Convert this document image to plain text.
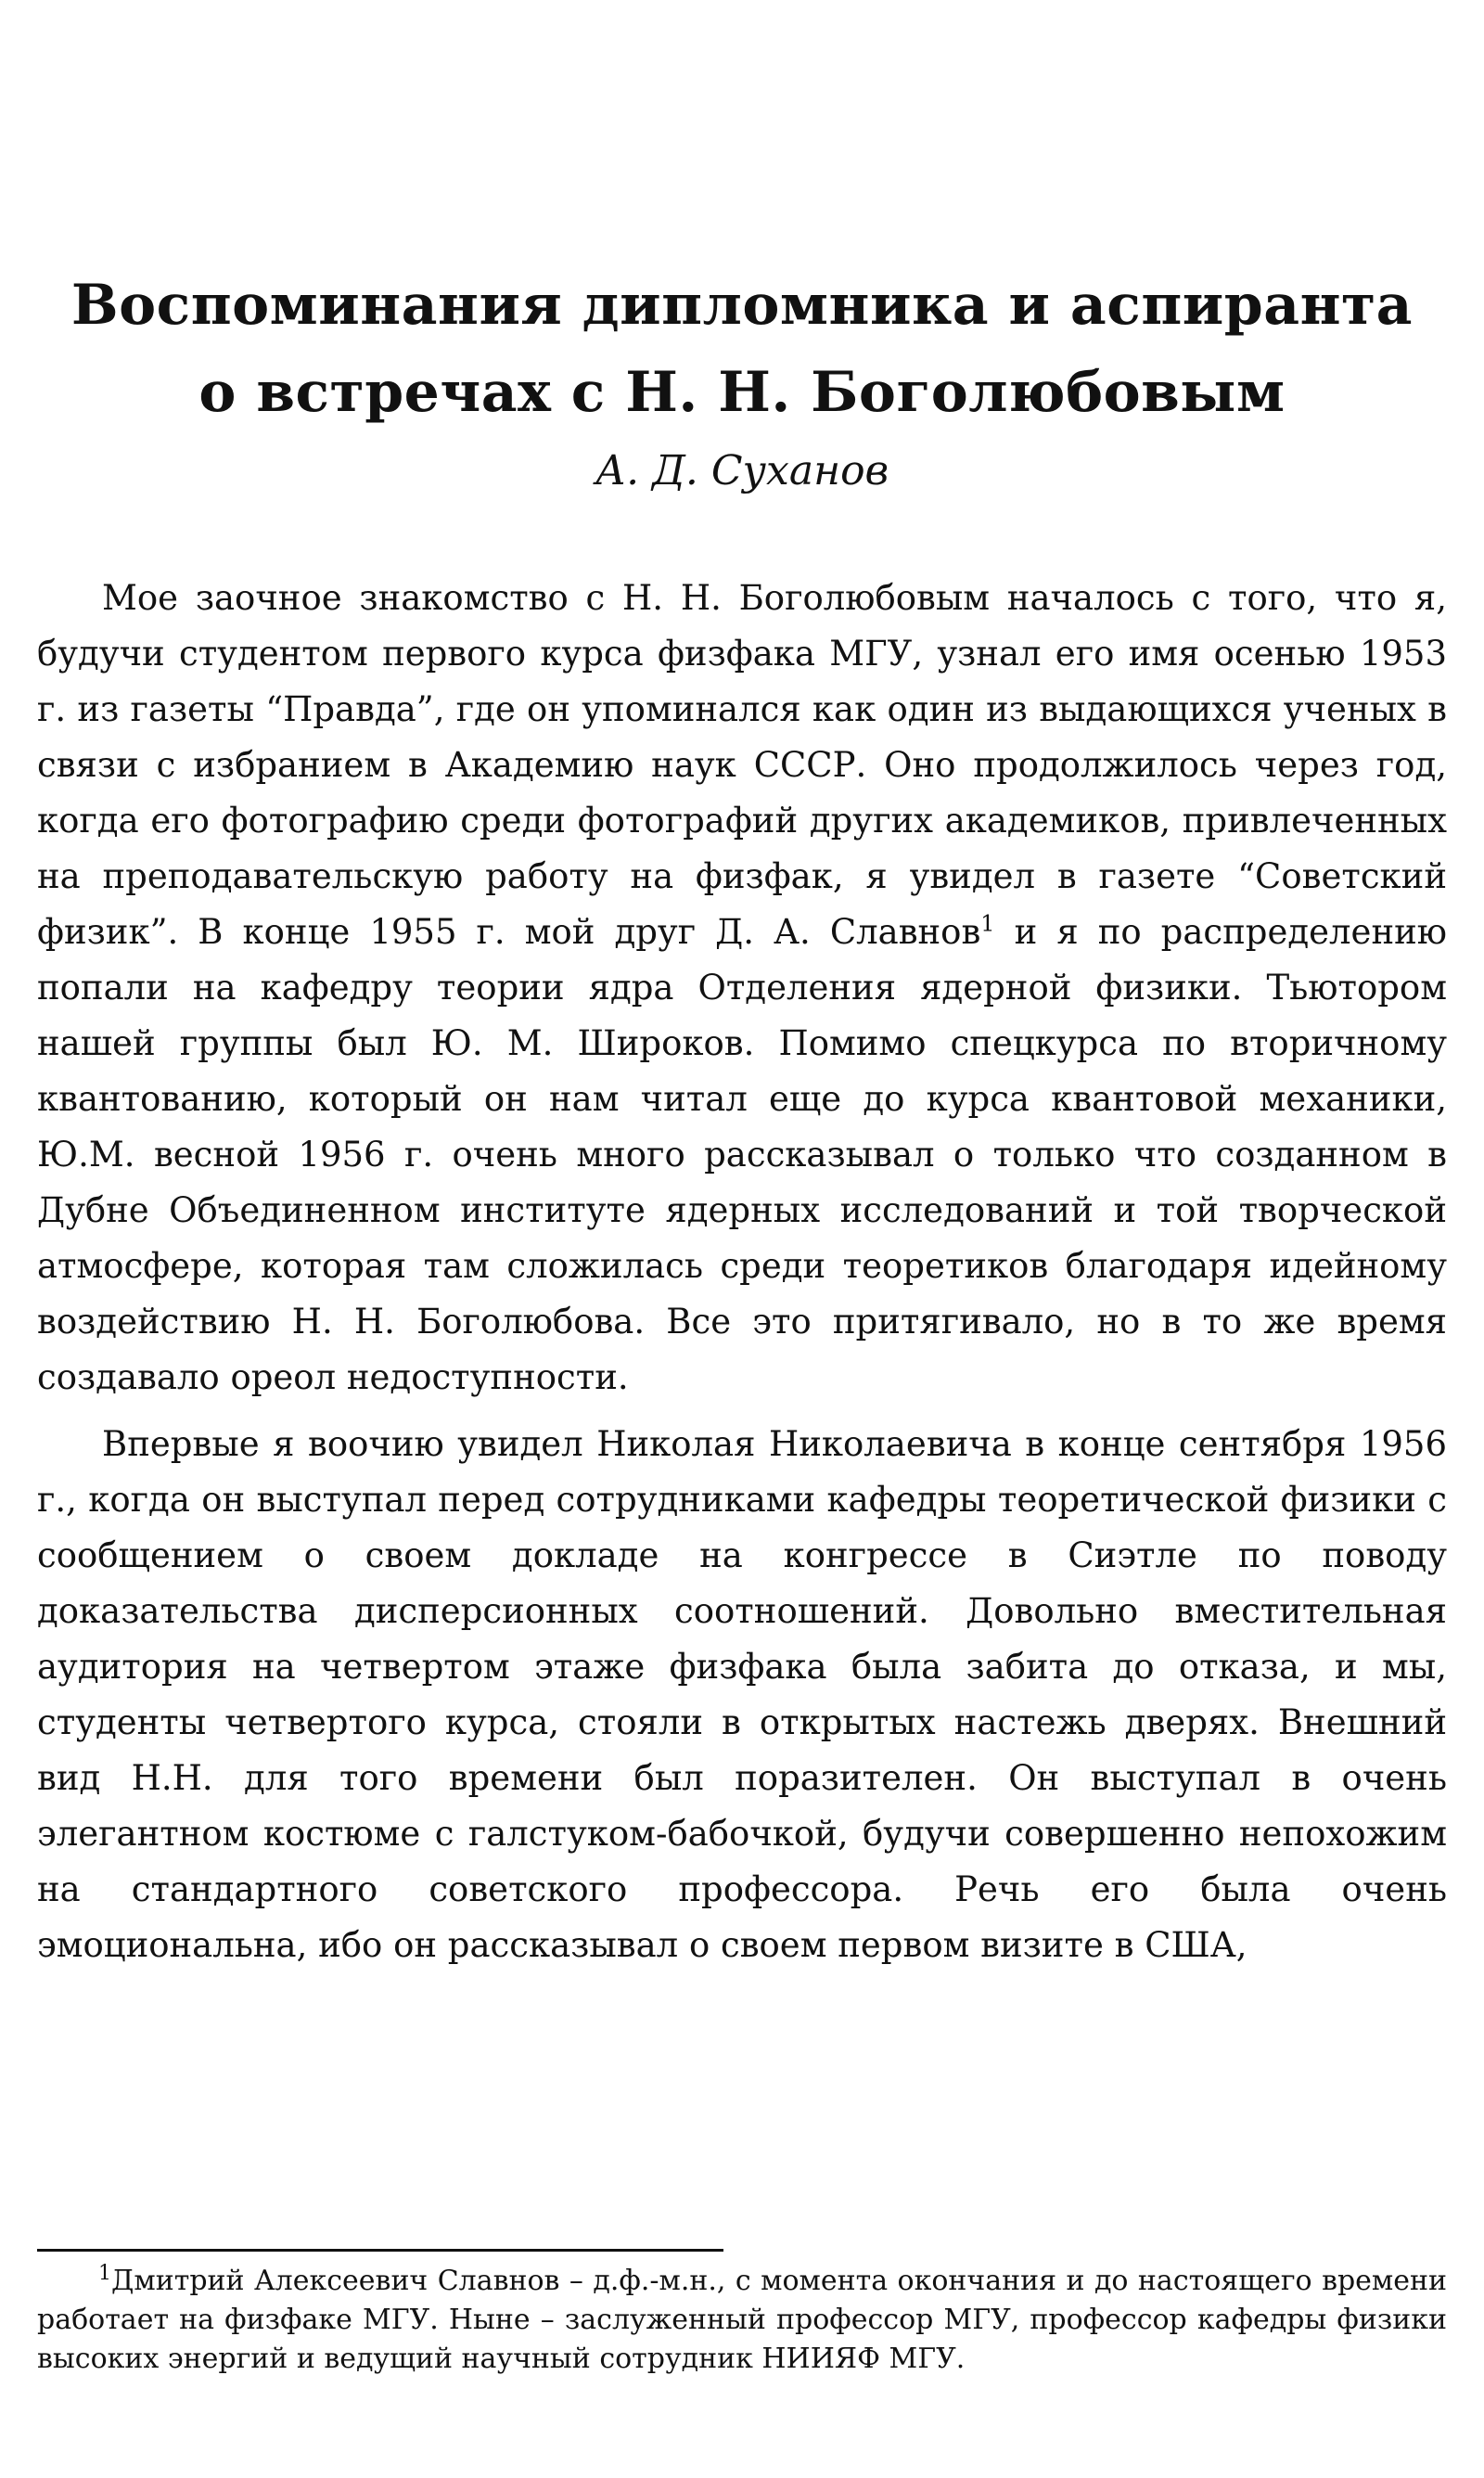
Воспоминания дипломника и аспиранта
о встречах с Н. Н. Боголюбовым
А. Д. Суханов

Мое заочное знакомство с Н. Н. Боголюбовым началось с того, что я, будучи студентом первого курса физфака МГУ, узнал его имя осенью 1953 г. из газеты “Правда”, где он упоминался как один из выдающихся ученых в связи с избранием в Академию наук СССР. Оно продолжилось через год, когда его фотографию среди фотографий других академиков, привлеченных на преподавательскую работу на физфак, я увидел в газете “Советский физик”. В конце 1955 г. мой друг Д. А. Славнов$^1$ и я по распределению попали на кафедру теории ядра Отделения ядерной физики. Тьютором нашей группы был Ю. М. Широков. Помимо спецкурса по вторичному квантованию, который он нам читал еще до курса квантовой механики, Ю.М. весной 1956 г. очень много рассказывал о только что созданном в Дубне Объединенном институте ядерных исследований и той творческой атмосфере, которая там сложилась среди теоретиков благодаря идейному воздействию Н. Н. Боголюбова. Все это притягивало, но в то же время создавало ореол недоступности.

Впервые я воочию увидел Николая Николаевича в конце сентября 1956 г., когда он выступал перед сотрудниками кафедры теоретической физики с сообщением о своем докладе на конгрессе в Сиэтле по поводу доказательства дисперсионных соотношений. Довольно вместительная аудитория на четвертом этаже физфака была забита до отказа, и мы, студенты четвертого курса, стояли в открытых настежь дверях. Внешний вид Н.Н. для того времени был поразителен. Он выступал в очень элегантном костюме с галстуком-бабочкой, будучи совершенно непохожим на стандартного советского профессора. Речь его была очень эмоциональна, ибо он рассказывал о своем первом визите в США,

$^1$Дмитрий Алексеевич Славнов – д.ф.-м.н., с момента окончания и до настоящего времени работает на физфаке МГУ. Ныне – заслуженный профессор МГУ, профессор кафедры физики высоких энергий и ведущий научный сотрудник НИИЯФ МГУ.
